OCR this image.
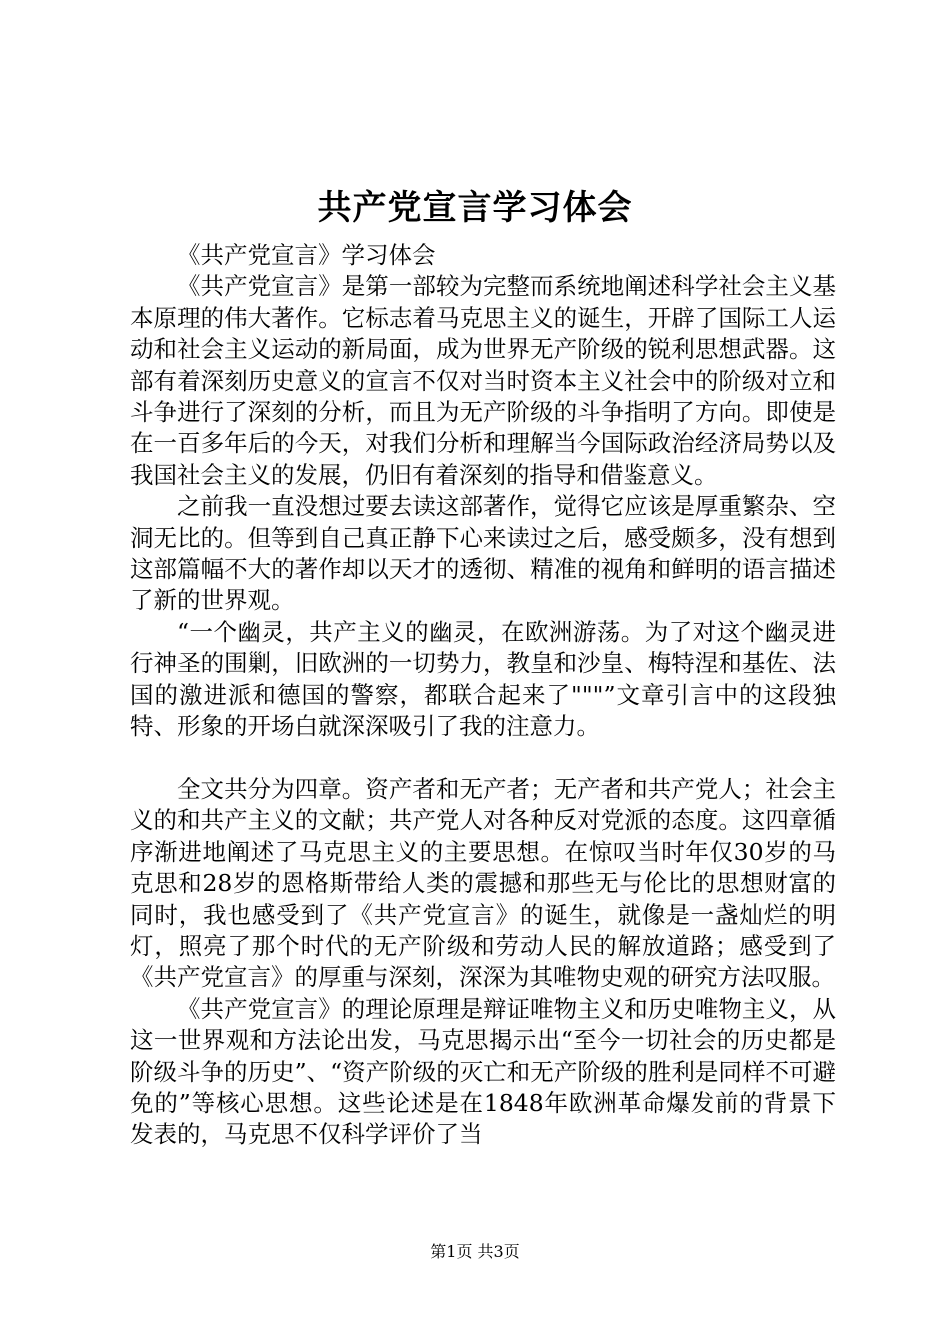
共产党宣言学习体会

《共产党宣言》学习体会

《共产党宣言》是第一部较为完整而系统地阐述科学社会主义基本原理的伟大著作。它标志着马克思主义的诞生，开辟了国际工人运动和社会主义运动的新局面，成为世界无产阶级的锐利思想武器。这部有着深刻历史意义的宣言不仅对当时资本主义社会中的阶级对立和斗争进行了深刻的分析，而且为无产阶级的斗争指明了方向。即使是在一百多年后的今天，对我们分析和理解当今国际政治经济局势以及我国社会主义的发展，仍旧有着深刻的指导和借鉴意义。

之前我一直没想过要去读这部著作，觉得它应该是厚重繁杂、空洞无比的。但等到自己真正静下心来读过之后，感受颇多，没有想到这部篇幅不大的著作却以天才的透彻、精准的视角和鲜明的语言描述了新的世界观。

“一个幽灵，共产主义的幽灵，在欧洲游荡。为了对这个幽灵进行神圣的围剿，旧欧洲的一切势力，教皇和沙皇、梅特涅和基佐、法国的激进派和德国的警察，都联合起来了"""”文章引言中的这段独特、形象的开场白就深深吸引了我的注意力。

全文共分为四章。资产者和无产者；无产者和共产党人；社会主义的和共产主义的文献；共产党人对各种反对党派的态度。这四章循序渐进地阐述了马克思主义的主要思想。在惊叹当时年仅30岁的马克思和28岁的恩格斯带给人类的震撼和那些无与伦比的思想财富的同时，我也感受到了《共产党宣言》的诞生，就像是一盏灿烂的明灯，照亮了那个时代的无产阶级和劳动人民的解放道路；感受到了《共产党宣言》的厚重与深刻，深深为其唯物史观的研究方法叹服。

《共产党宣言》的理论原理是辩证唯物主义和历史唯物主义，从这一世界观和方法论出发，马克思揭示出“至今一切社会的历史都是阶级斗争的历史”、“资产阶级的灭亡和无产阶级的胜利是同样不可避免的”等核心思想。这些论述是在1848年欧洲革命爆发前的背景下发表的，马克思不仅科学评价了当

第1页 共3页
